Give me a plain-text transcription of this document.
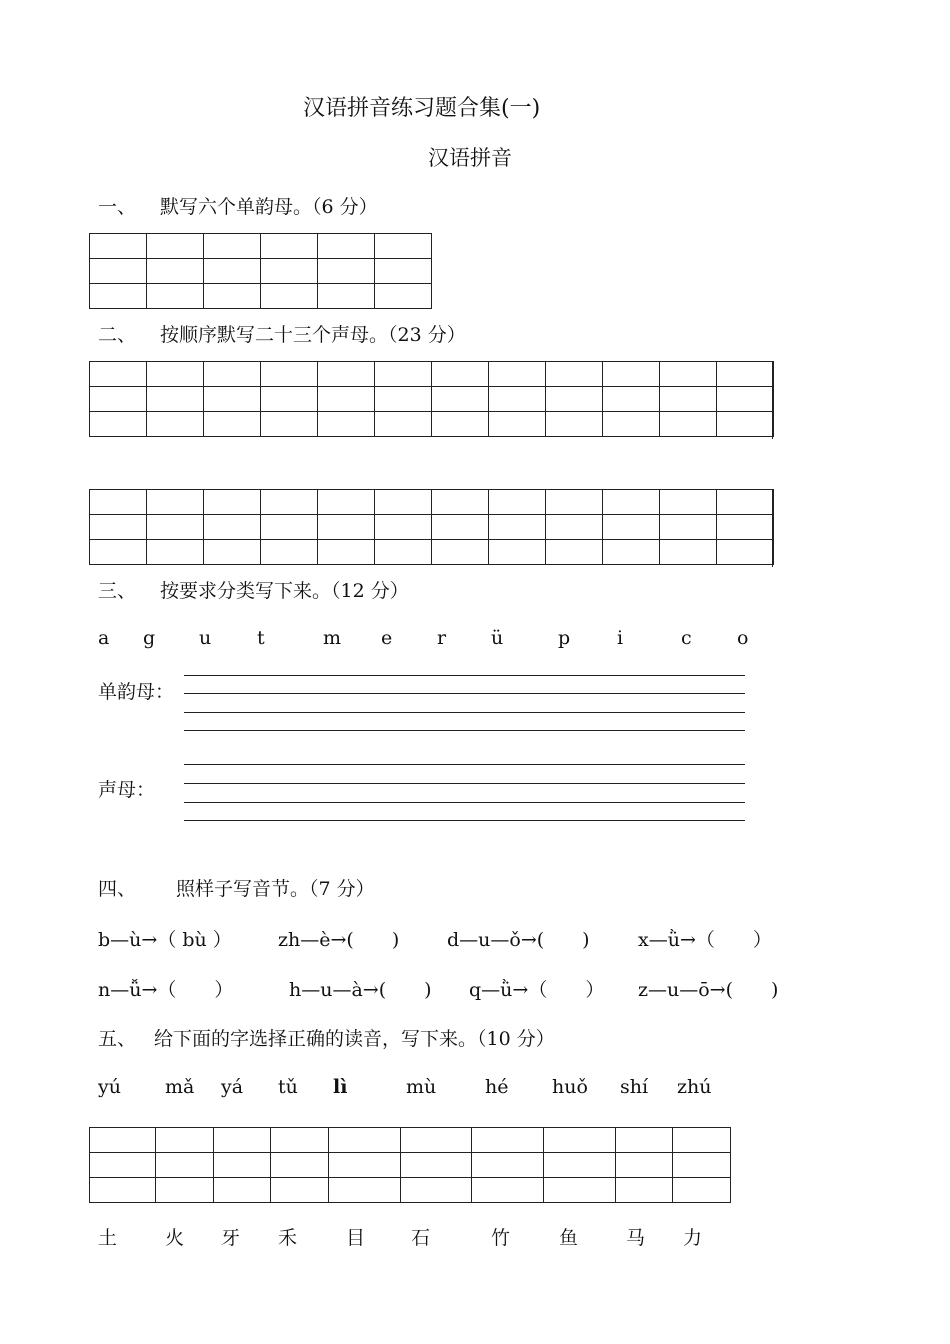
汉语拼音练习题合集(一)
汉语拼音
一、 默写六个单韵母。（6 分）

二、 按顺序默写二十三个声母。（23 分）

三、 按要求分类写下来。（12 分）
a g u t	m e r ü	p i	c o
单韵母：
声母：
四、 照样子写音节。（7 分）
b—ù→（ bù ） zh—è→(　　)	d—u—ǒ→(　　)	x—ǜ→（　　）
n—ǚ→（　　）	h—u—à→(　　) q—ǜ→（　　） z—u—ō→(　　)
五、 给下面的字选择正确的读音，写下来。（10 分）
yú mǎ yá tǔ lì	mù	hé huǒ shí zhú

土	火 牙 禾	目 石	竹	鱼	马 力
